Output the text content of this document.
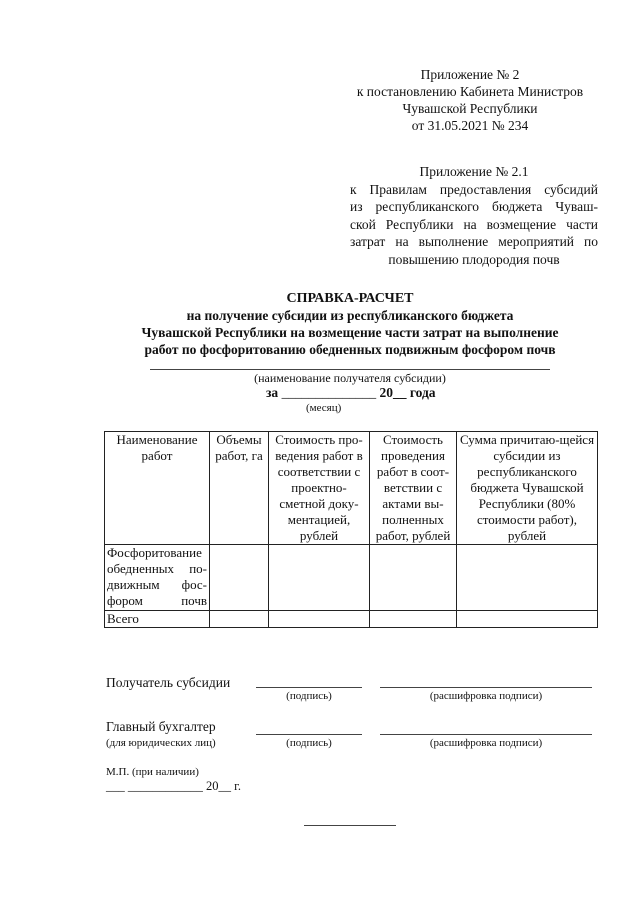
Приложение № 2
к постановлению Кабинета Министров
Чувашской Республики
от 31.05.2021 № 234
Приложение № 2.1
к Правилам предоставления субсидий
из республиканского бюджета Чуваш-
ской Республики на возмещение части
затрат на выполнение мероприятий по
повышению плодородия почв
СПРАВКА-РАСЧЕТ
на получение субсидии из республиканского бюджета
Чувашской Республики на возмещение части затрат на выполнение
работ по фосфоритованию обедненных подвижным фосфором почв
(наименование получателя субсидии)
за ______________ 20__ года
(месяц)
Наименование работ	Объемы работ, га	Стоимость про-ведения работ в соответствии с проектно-сметной доку-ментацией, рублей	Стоимость проведения работ в соот-ветствии с актами вы-полненных работ, рублей	Сумма причитаю-щейся субсидии из республиканского бюджета Чувашской Республики (80% стоимости работ), рублей
Фосфоритование обедненных по-движным фос-фором почв				
Всего				
Получатель субсидии
(подпись)	(расшифровка подписи)
Главный бухгалтер
(для юридических лиц)	(подпись)	(расшифровка подписи)
М.П. (при наличии)
___ ____________ 20__ г.
